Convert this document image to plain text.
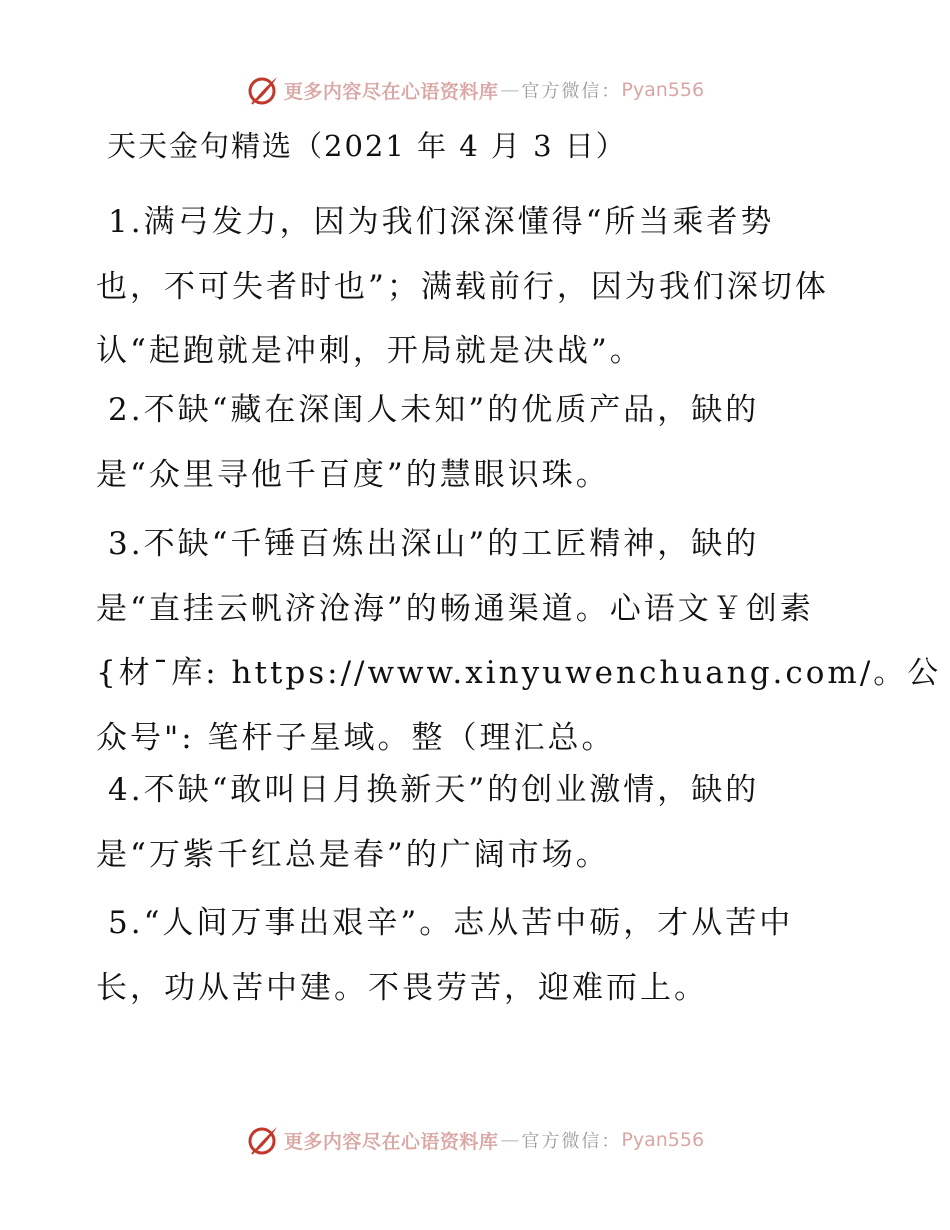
更多内容尽在心语资料库 — 官方微信： Pyan556
天天金句精选（2021 年 4 月 3 日）
1.满弓发力，因为我们深深懂得“所当乘者势
也，不可失者时也”；满载前行，因为我们深切体
认“起跑就是冲刺，开局就是决战”。
2.不缺“藏在深闺人未知”的优质产品，缺的
是“众里寻他千百度”的慧眼识珠。
3.不缺“千锤百炼出深山”的工匠精神，缺的
是“直挂云帆济沧海”的畅通渠道。心语文￥创素
{材¯库: https://www.xinyuwenchuang.com/。公
众号": 笔杆子星域。整（理汇总。
4.不缺“敢叫日月换新天”的创业激情，缺的
是“万紫千红总是春”的广阔市场。
5.“人间万事出艰辛”。志从苦中砺，才从苦中
长，功从苦中建。不畏劳苦，迎难而上。
更多内容尽在心语资料库 — 官方微信： Pyan556
